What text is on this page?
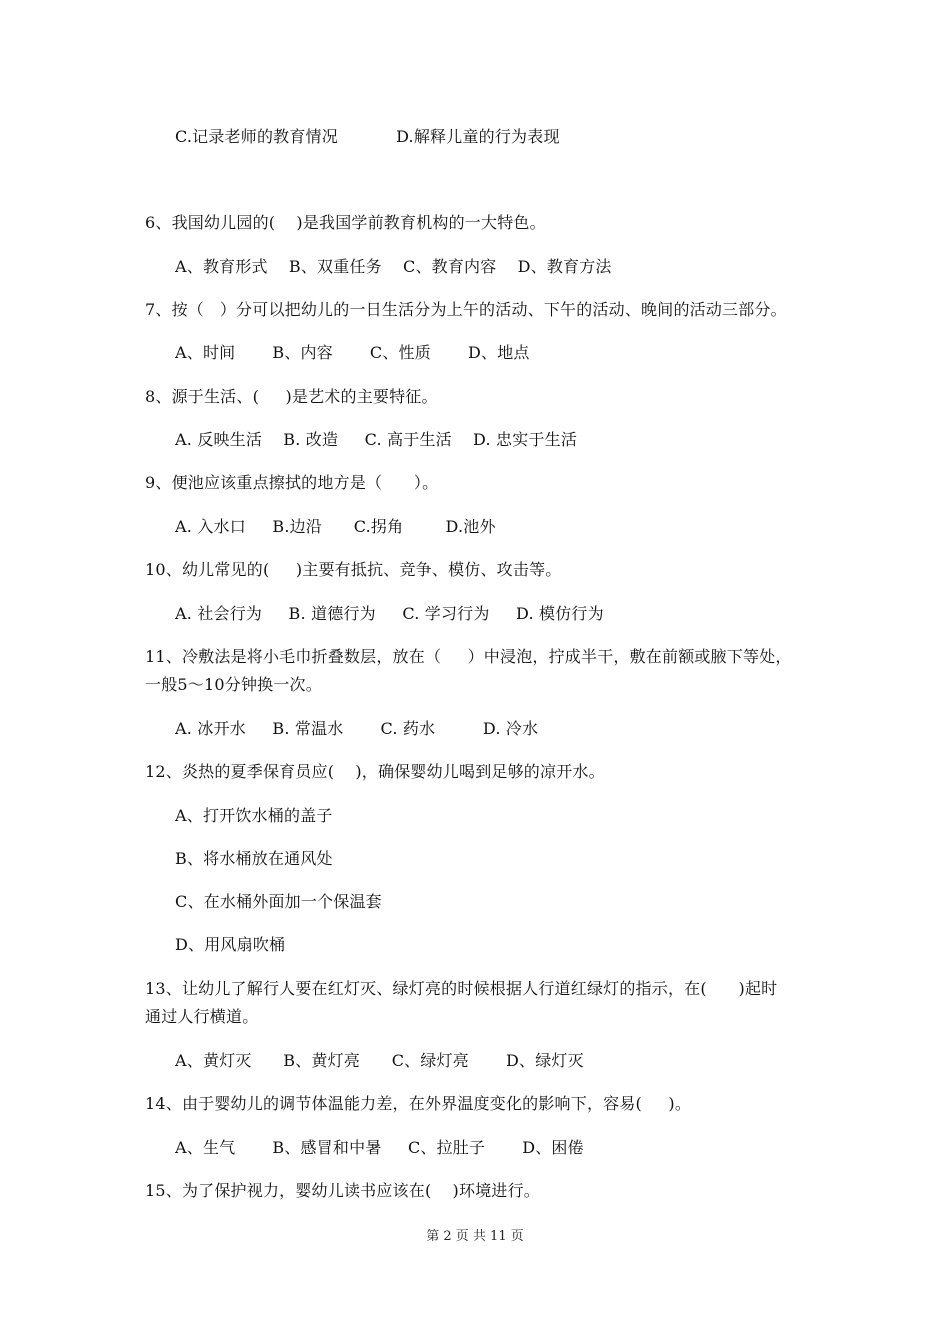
C.记录老师的教育情况           D.解释儿童的行为表现
6、我国幼儿园的(    )是我国学前教育机构的一大特色。
A、教育形式    B、双重任务    C、教育内容    D、教育方法
7、按（   ）分可以把幼儿的一日生活分为上午的活动、下午的活动、晚间的活动三部分。
A、时间       B、内容       C、性质       D、地点
8、源于生活、(     )是艺术的主要特征。
A. 反映生活    B. 改造     C. 高于生活    D. 忠实于生活
9、便池应该重点擦拭的地方是（      ）。
A. 入水口     B.边沿      C.拐角        D.池外
10、幼儿常见的(     )主要有抵抗、竞争、模仿、攻击等。
A. 社会行为     B. 道德行为     C. 学习行为     D. 模仿行为
11、冷敷法是将小毛巾折叠数层，放在（     ）中浸泡，拧成半干，敷在前额或腋下等处，
一般5～10分钟换一次。
A. 冰开水     B. 常温水       C. 药水         D. 冷水
12、炎热的夏季保育员应(    )，确保婴幼儿喝到足够的凉开水。
A、打开饮水桶的盖子
B、将水桶放在通风处
C、在水桶外面加一个保温套
D、用风扇吹桶
13、让幼儿了解行人要在红灯灭、绿灯亮的时候根据人行道红绿灯的指示，在(      )起时
通过人行横道。
A、黄灯灭      B、黄灯亮      C、绿灯亮       D、绿灯灭
14、由于婴幼儿的调节体温能力差，在外界温度变化的影响下，容易(     )。
A、生气       B、感冒和中暑     C、拉肚子       D、困倦
15、为了保护视力，婴幼儿读书应该在(    )环境进行。
第 2 页 共 11 页
